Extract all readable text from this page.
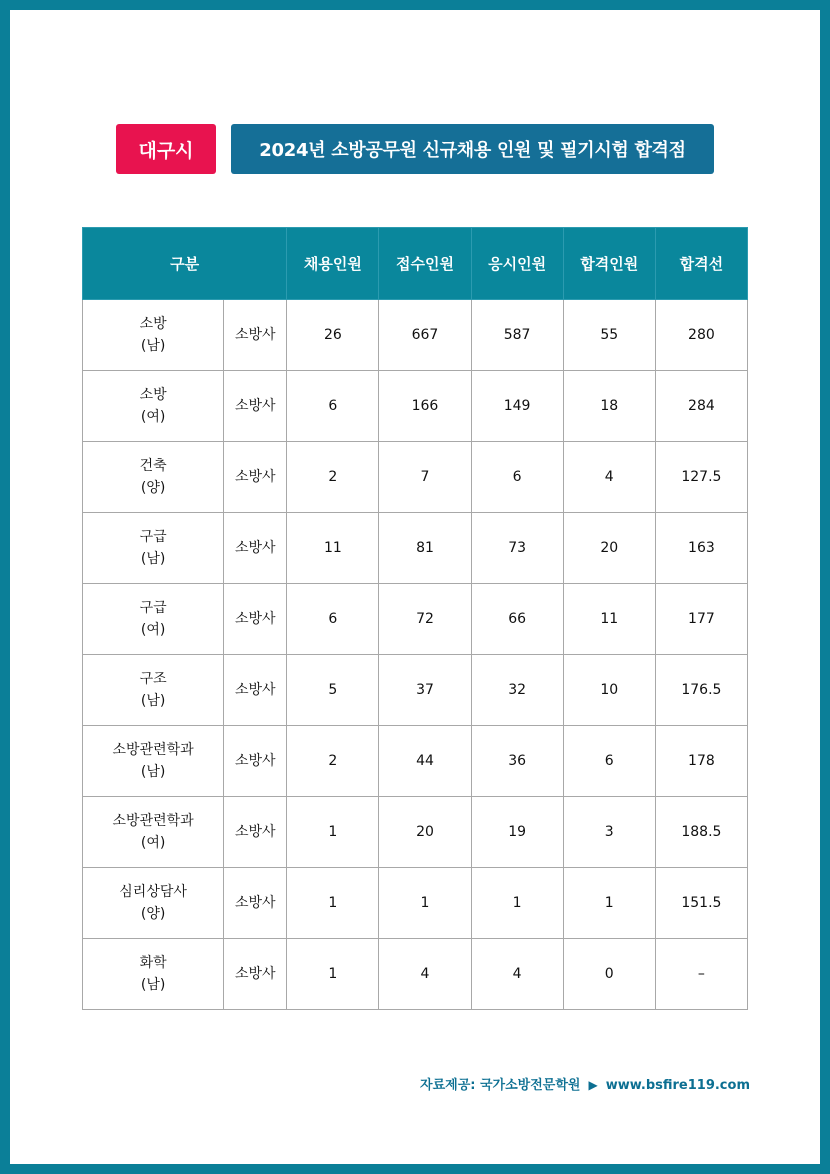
대구시	2024년 소방공무원 신규채용 인원 및 필기시험 합격점
구분		채용인원	접수인원	응시인원	합격인원	합격선

소방
(남)	소방사	26	667	587	55	280

소방
(여)	소방사	6	166	149	18	284

건축
(양)	소방사	2	7	6	4	127.5

구급
(남)	소방사	11	81	73	20	163

구급
(여)	소방사	6	72	66	11	177

구조
(남)	소방사	5	37	32	10	176.5

소방관련학과
(남)	소방사	2	44	36	6	178

소방관련학과
(여)	소방사	1	20	19	3	188.5

심리상담사
(양)	소방사	1	1	1	1	151.5

화학
(남)	소방사	1	4	4	0	–
자료제공: 국가소방전문학원 ▶ www.bsfire119.com
